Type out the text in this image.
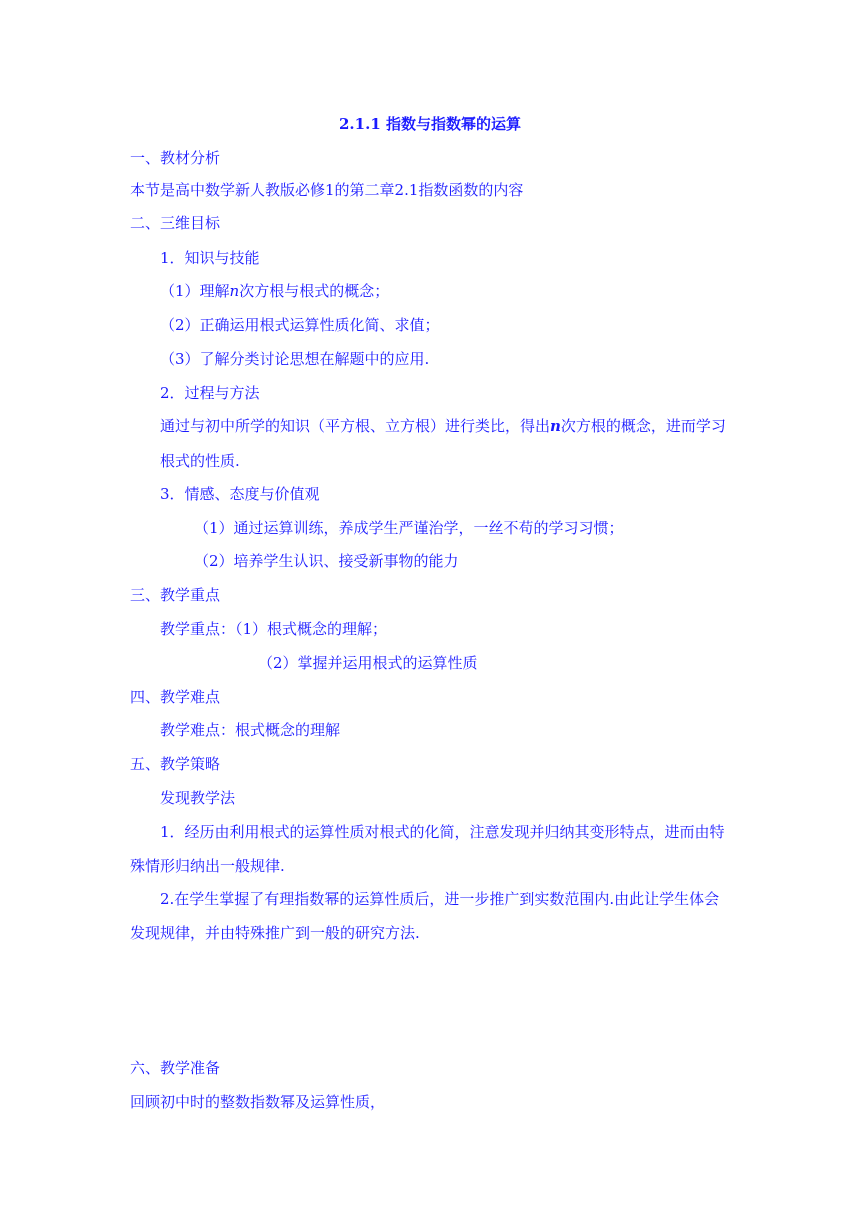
2.1.1 指数与指数幂的运算
一、教材分析
本节是高中数学新人教版必修1的第二章2.1指数函数的内容
二、三维目标
1．知识与技能
（1）理解n次方根与根式的概念；
（2）正确运用根式运算性质化简、求值；
（3）了解分类讨论思想在解题中的应用.
2．过程与方法
通过与初中所学的知识（平方根、立方根）进行类比，得出n次方根的概念，进而学习
根式的性质.
3．情感、态度与价值观
（1）通过运算训练，养成学生严谨治学，一丝不苟的学习习惯；
（2）培养学生认识、接受新事物的能力
三、教学重点
教学重点：（1）根式概念的理解；
（2）掌握并运用根式的运算性质
四、教学难点
教学难点：根式概念的理解
五、教学策略
发现教学法
1．经历由利用根式的运算性质对根式的化简，注意发现并归纳其变形特点，进而由特
殊情形归纳出一般规律.
2.在学生掌握了有理指数幂的运算性质后，进一步推广到实数范围内.由此让学生体会
发现规律，并由特殊推广到一般的研究方法.
六、教学准备
回顾初中时的整数指数幂及运算性质，
